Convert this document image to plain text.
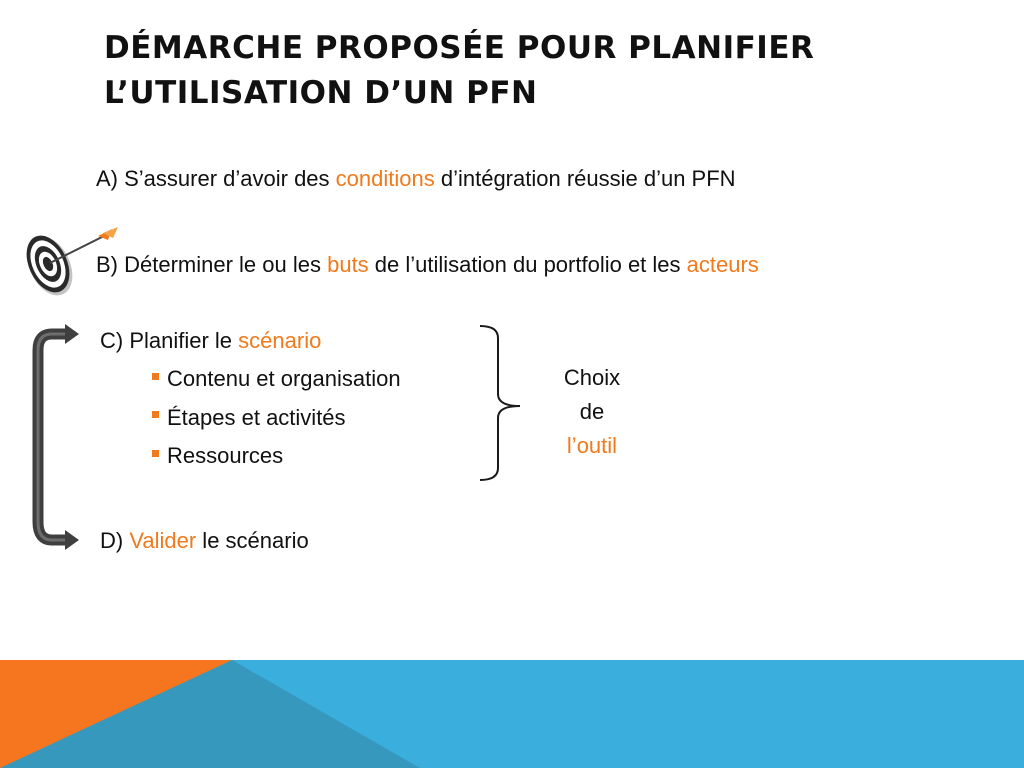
DÉMARCHE PROPOSÉE POUR PLANIFIER L’UTILISATION D’UN PFN
A) S’assurer d’avoir des conditions d’intégration réussie d’un PFN
B) Déterminer le ou les buts de l’utilisation du portfolio et les acteurs
C) Planifier le scénario
Contenu et organisation
Étapes et activités
Ressources
Choix
de
l’outil
D) Valider le scénario
